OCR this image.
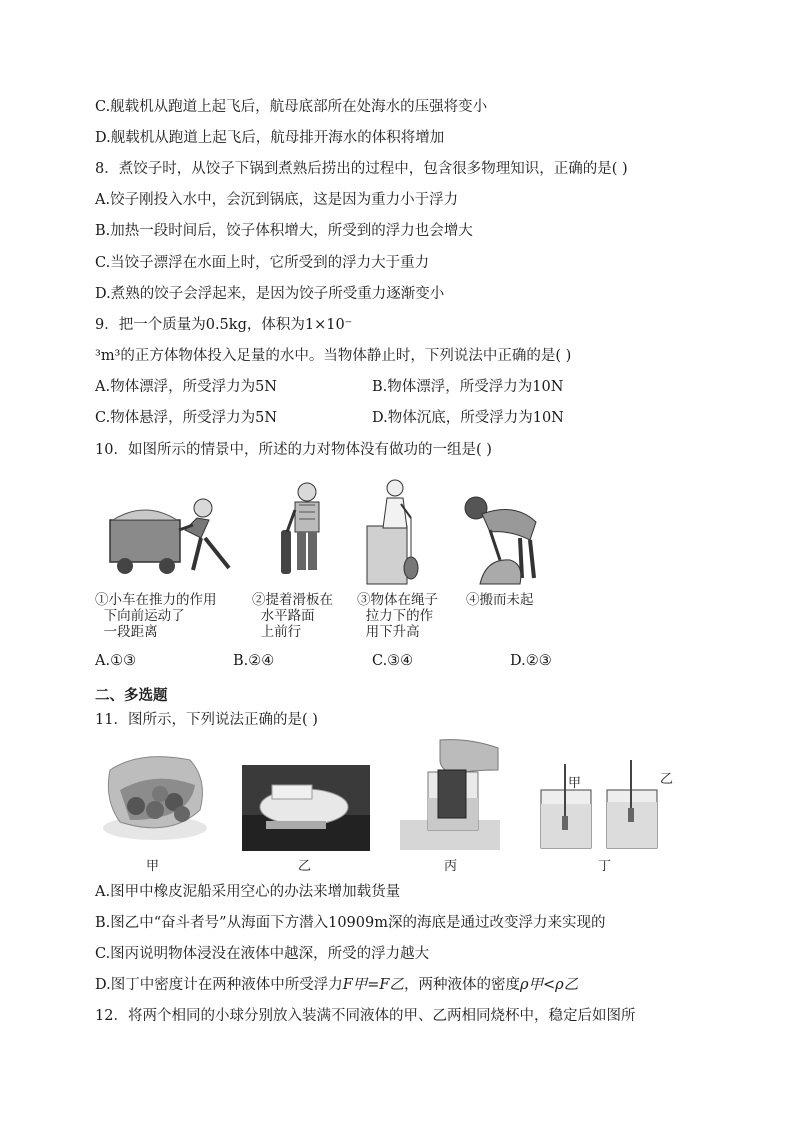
C.舰载机从跑道上起飞后，航母底部所在处海水的压强将变小
D.舰载机从跑道上起飞后，航母排开海水的体积将增加
8．煮饺子时，从饺子下锅到煮熟后捞出的过程中，包含很多物理知识，正确的是( )
A.饺子刚投入水中，会沉到锅底，这是因为重力小于浮力
B.加热一段时间后，饺子体积增大，所受到的浮力也会增大
C.当饺子漂浮在水面上时，它所受到的浮力大于重力
D.煮熟的饺子会浮起来，是因为饺子所受重力逐渐变小
9．把一个质量为0.5kg，体积为1×10⁻
³m³的正方体物体投入足量的水中。当物体静止时，下列说法中正确的是( )
A.物体漂浮，所受浮力为5N	B.物体漂浮，所受浮力为10N
C.物体悬浮，所受浮力为5N	D.物体沉底，所受浮力为10N
10．如图所示的情景中，所述的力对物体没有做功的一组是( )
①小车在推力的作用
下向前运动了
一段距离
②提着滑板在
水平路面
上前行
③物体在绳子
拉力下的作
用下升高
④搬而未起
A.①③	B.②④	C.③④	D.②③
二、多选题
11．图所示，下列说法正确的是( )
甲	乙
甲	乙	丙	丁
A.图甲中橡皮泥船采用空心的办法来增加载货量
B.图乙中“奋斗者号”从海面下方潜入10909m深的海底是通过改变浮力来实现的
C.图丙说明物体浸没在液体中越深，所受的浮力越大
D.图丁中密度计在两种液体中所受浮力F甲=F乙，两种液体的密度ρ甲<ρ乙
12．将两个相同的小球分别放入装满不同液体的甲、乙两相同烧杯中，稳定后如图所
